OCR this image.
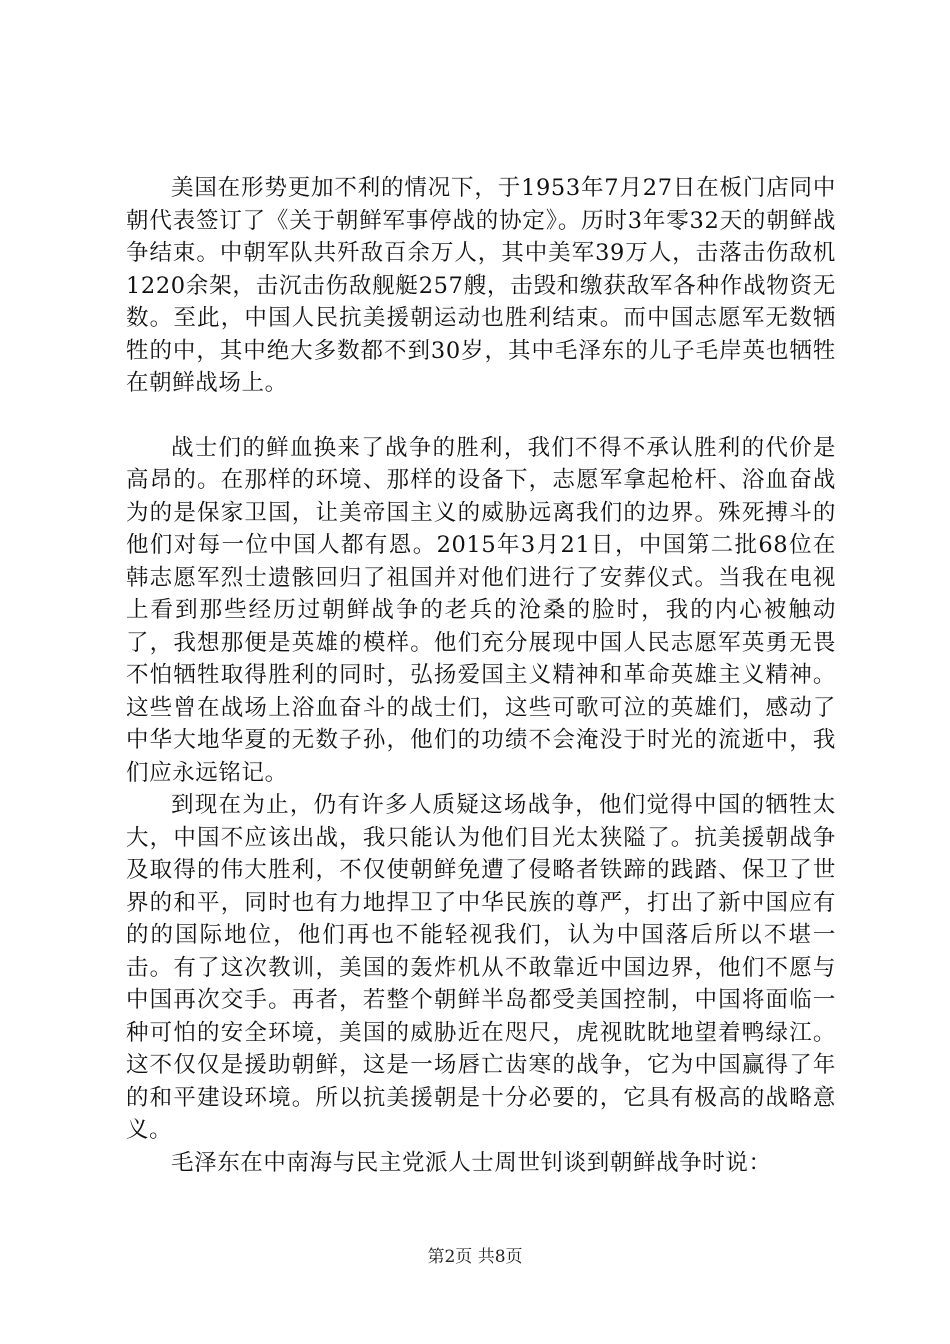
美国在形势更加不利的情况下，于1953年7月27日在板门店同中朝代表签订了《关于朝鲜军事停战的协定》。历时3年零32天的朝鲜战争结束。中朝军队共歼敌百余万人，其中美军39万人，击落击伤敌机1220余架，击沉击伤敌舰艇257艘，击毁和缴获敌军各种作战物资无数。至此，中国人民抗美援朝运动也胜利结束。而中国志愿军无数牺牲的中，其中绝大多数都不到30岁，其中毛泽东的儿子毛岸英也牺牲在朝鲜战场上。

战士们的鲜血换来了战争的胜利，我们不得不承认胜利的代价是高昂的。在那样的环境、那样的设备下，志愿军拿起枪杆、浴血奋战为的是保家卫国，让美帝国主义的威胁远离我们的边界。殊死搏斗的他们对每一位中国人都有恩。2015年3月21日，中国第二批68位在韩志愿军烈士遗骸回归了祖国并对他们进行了安葬仪式。当我在电视上看到那些经历过朝鲜战争的老兵的沧桑的脸时，我的内心被触动了，我想那便是英雄的模样。他们充分展现中国人民志愿军英勇无畏不怕牺牲取得胜利的同时，弘扬爱国主义精神和革命英雄主义精神。这些曾在战场上浴血奋斗的战士们，这些可歌可泣的英雄们，感动了中华大地华夏的无数子孙，他们的功绩不会淹没于时光的流逝中，我们应永远铭记。

到现在为止，仍有许多人质疑这场战争，他们觉得中国的牺牲太大，中国不应该出战，我只能认为他们目光太狭隘了。抗美援朝战争及取得的伟大胜利，不仅使朝鲜免遭了侵略者铁蹄的践踏、保卫了世界的和平，同时也有力地捍卫了中华民族的尊严，打出了新中国应有的的国际地位，他们再也不能轻视我们，认为中国落后所以不堪一击。有了这次教训，美国的轰炸机从不敢靠近中国边界，他们不愿与中国再次交手。再者，若整个朝鲜半岛都受美国控制，中国将面临一种可怕的安全环境，美国的威胁近在咫尺，虎视眈眈地望着鸭绿江。这不仅仅是援助朝鲜，这是一场唇亡齿寒的战争，它为中国赢得了年的和平建设环境。所以抗美援朝是十分必要的，它具有极高的战略意义。

毛泽东在中南海与民主党派人士周世钊谈到朝鲜战争时说：

第2页 共8页
